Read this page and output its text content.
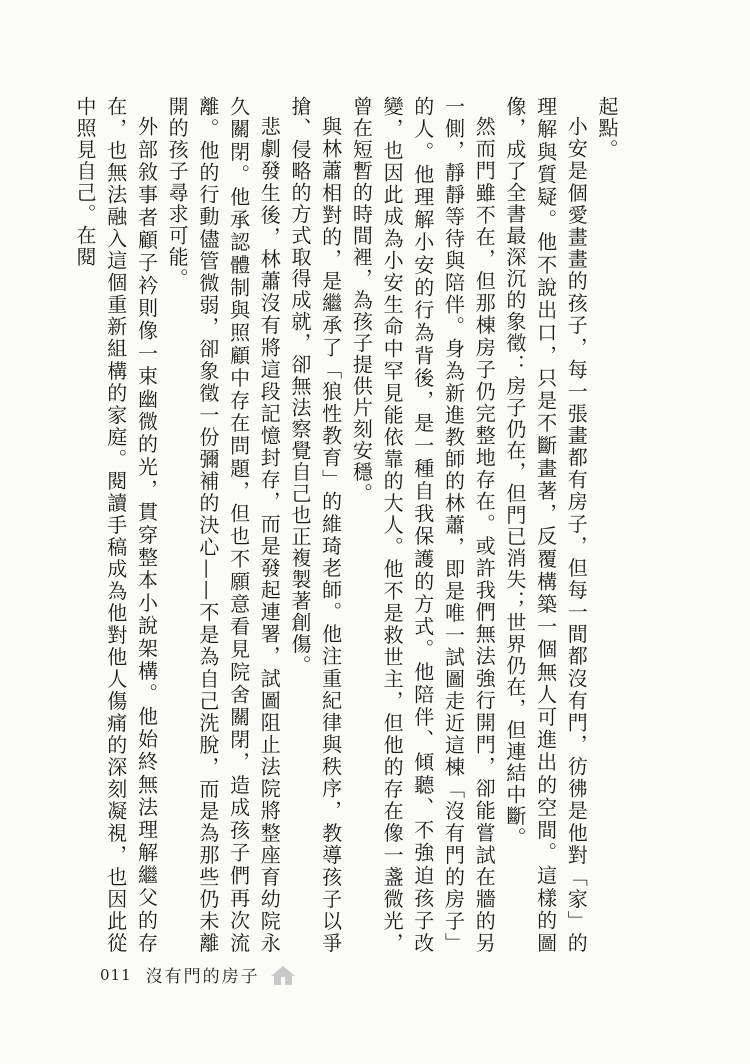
起點。

小安是個愛畫畫的孩子，每一張畫都有房子，但每一間都沒有門，彷彿是他對「家」的理解與質疑。他不說出口，只是不斷畫著，反覆構築一個無人可進出的空間。這樣的圖像，成了全書最深沉的象徵：房子仍在，但門已消失；世界仍在，但連結中斷。

然而門雖不在，但那棟房子仍完整地存在。或許我們無法強行開門，卻能嘗試在牆的另一側，靜靜等待與陪伴。身為新進教師的林蕭，即是唯一試圖走近這棟「沒有門的房子」的人。他理解小安的行為背後，是一種自我保護的方式。他陪伴、傾聽、不強迫孩子改變，也因此成為小安生命中罕見能依靠的大人。他不是救世主，但他的存在像一盞微光，曾在短暫的時間裡，為孩子提供片刻安穩。

與林蕭相對的，是繼承了「狼性教育」的維琦老師。他注重紀律與秩序，教導孩子以爭搶、侵略的方式取得成就，卻無法察覺自己也正複製著創傷。

悲劇發生後，林蕭沒有將這段記憶封存，而是發起連署，試圖阻止法院將整座育幼院永久關閉。他承認體制與照顧中存在問題，但也不願意看見院舍關閉，造成孩子們再次流離。他的行動儘管微弱，卻象徵一份彌補的決心——不是為自己洗脫，而是為那些仍未離開的孩子尋求可能。

外部敘事者顧子衿則像一束幽微的光，貫穿整本小說架構。他始終無法理解繼父的存在，也無法融入這個重新組構的家庭。閱讀手稿成為他對他人傷痛的深刻凝視，也因此從中照見自己。在閱

011 沒有門的房子
